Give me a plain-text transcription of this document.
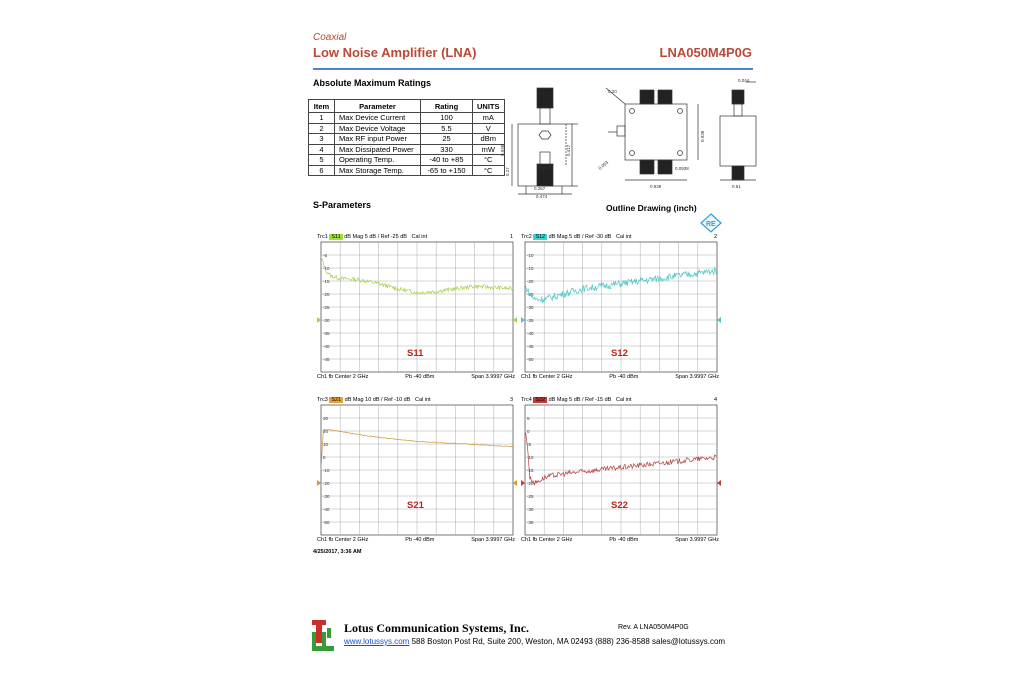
Coaxial
Low Noise Amplifier (LNA)	LNA050M4P0G
Absolute Maximum Ratings
Item	Parameter	Rating	UNITS
1	Max Device Current	100	mA
2	Max Device Voltage	5.5	V
3	Max RF input Power	25	dBm
4	Max Dissipated Power	330	mW
5	Operating Temp.	-40 to +85	°C
6	Max Storage Temp.	-65 to +150	°C
0.938
0.27
0.417
0.267
0.474
0.20
0.063	0.0938
0.938
0.938
0.044
0.61
S-Parameters	Outline Drawing (inch)
RE
-5
-10
-15
-20
-25
-30
-35
-40
-45
Trc1 S11 dB Mag 5 dB / Ref -25 dB Cal int	1
S11
Ch1 fb Center 2 GHz	Pb -40 dBm	Span 3.9997 GHz
-10
-15
-20
-25
-30
-35
-40
-45
-50
Trc2 S12 dB Mag 5 dB / Ref -30 dB Cal int	2
S12
Ch1 fb Center 2 GHz	Pb -40 dBm	Span 3.9997 GHz
30
20
10
0
-10
-20
-30
-40
-50
Trc3 S21 dB Mag 10 dB / Ref -10 dB Cal int	3
S21
Ch1 fb Center 2 GHz	Pb -40 dBm	Span 3.9997 GHz
5
0
-5
-10
-15
-20
-25
-30
-35
Trc4 S22 dB Mag 5 dB / Ref -15 dB Cal int	4
S22
Ch1 fb Center 2 GHz	Pb -40 dBm	Span 3.9997 GHz
4/25/2017, 3:36 AM
Lotus Communication Systems, Inc.	Rev. A LNA050M4P0G
www.lotussys.com 588 Boston Post Rd, Suite 200, Weston, MA 02493 (888) 236-8588 sales@lotussys.com
